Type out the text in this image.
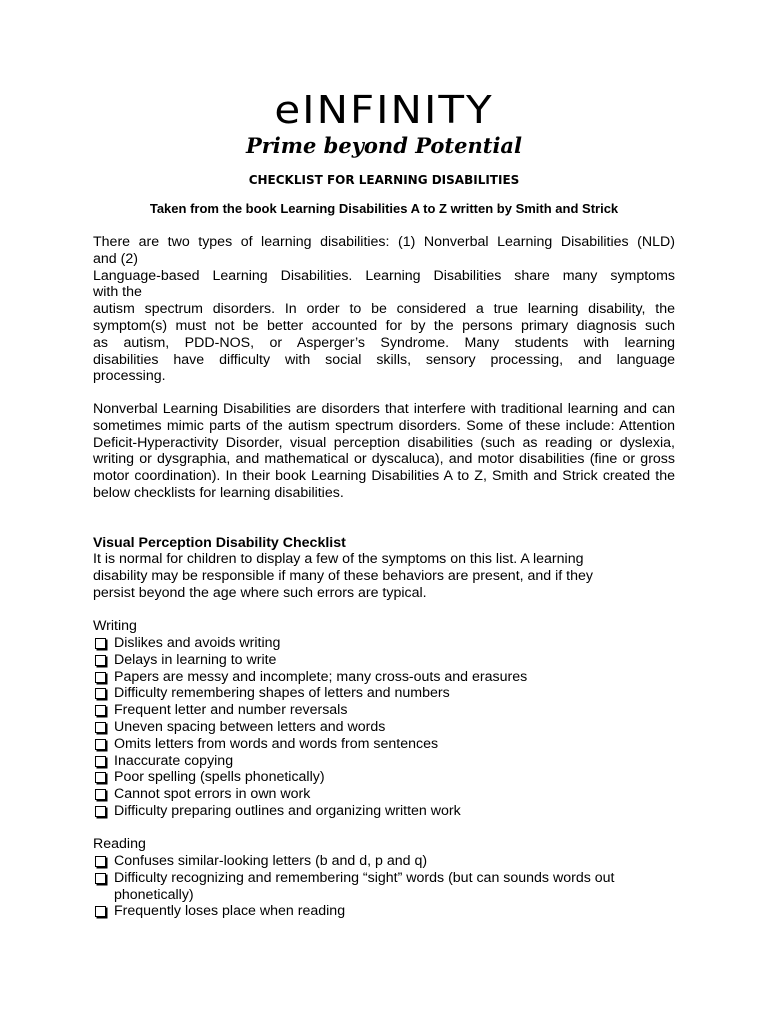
eINFINITY
Prime beyond Potential
CHECKLIST FOR LEARNING DISABILITIES
Taken from the book Learning Disabilities A to Z written by Smith and Strick
There are two types of learning disabilities: (1) Nonverbal Learning Disabilities (NLD)
and (2)
Language-based Learning Disabilities. Learning Disabilities share many symptoms
with the
autism spectrum disorders. In order to be considered a true learning disability, the
symptom(s) must not be better accounted for by the persons primary diagnosis such
as autism, PDD-NOS, or Asperger’s Syndrome. Many students with learning
disabilities have difficulty with social skills, sensory processing, and language
processing.
Nonverbal Learning Disabilities are disorders that interfere with traditional learning and can sometimes mimic parts of the autism spectrum disorders. Some of these include: Attention Deficit-Hyperactivity Disorder, visual perception disabilities (such as reading or dyslexia, writing or dysgraphia, and mathematical or dyscaluca), and motor disabilities (fine or gross motor coordination). In their book Learning Disabilities A to Z, Smith and Strick created the below checklists for learning disabilities.
Visual Perception Disability Checklist
It is normal for children to display a few of the symptoms on this list. A learning
disability may be responsible if many of these behaviors are present, and if they
persist beyond the age where such errors are typical.
Writing
Dislikes and avoids writing
Delays in learning to write
Papers are messy and incomplete; many cross-outs and erasures
Difficulty remembering shapes of letters and numbers
Frequent letter and number reversals
Uneven spacing between letters and words
Omits letters from words and words from sentences
Inaccurate copying
Poor spelling (spells phonetically)
Cannot spot errors in own work
Difficulty preparing outlines and organizing written work
Reading
Confuses similar-looking letters (b and d, p and q)
Difficulty recognizing and remembering “sight” words (but can sounds words out phonetically)
Frequently loses place when reading
